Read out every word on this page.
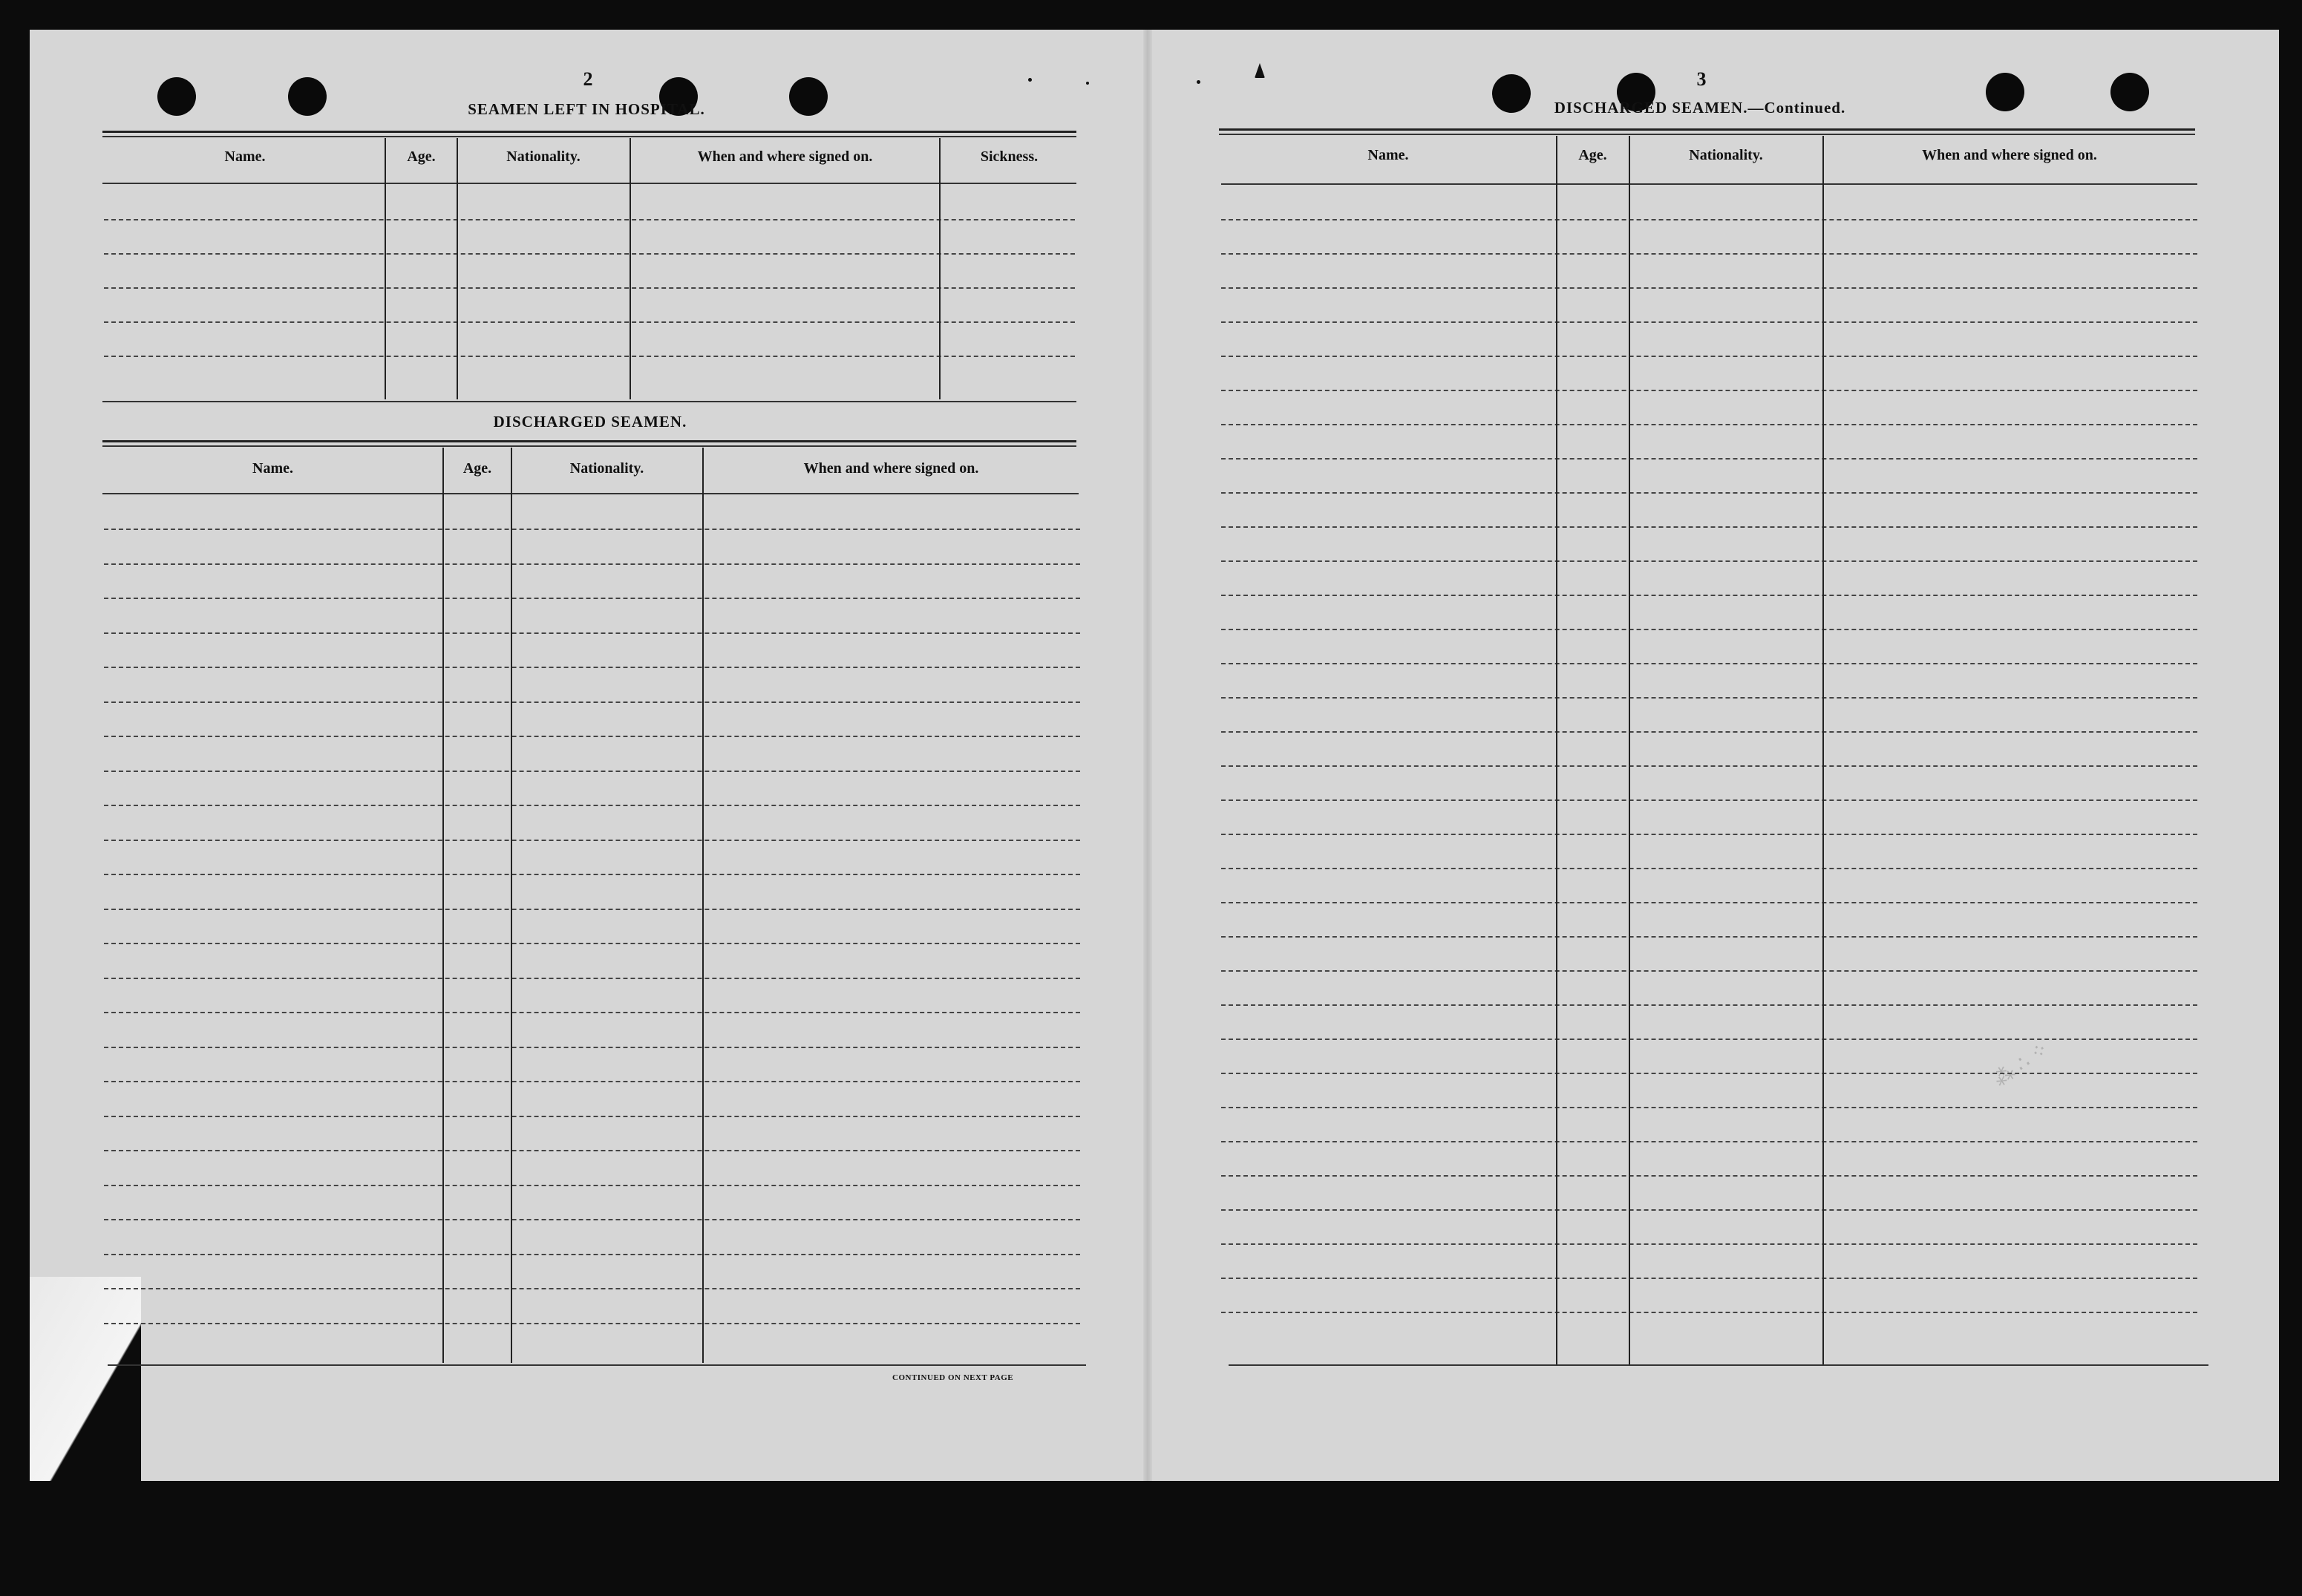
⁂ ∴ ⁘
2
SEAMEN LEFT IN HOSPITAL.
Name.	Age.	Nationality.	When and where signed on.	Sickness.
DISCHARGED SEAMEN.
Name.	Age.	Nationality.	When and where signed on.
CONTINUED ON NEXT PAGE
3
DISCHARGED SEAMEN.—Continued.
Name.	Age.	Nationality.	When and where signed on.
